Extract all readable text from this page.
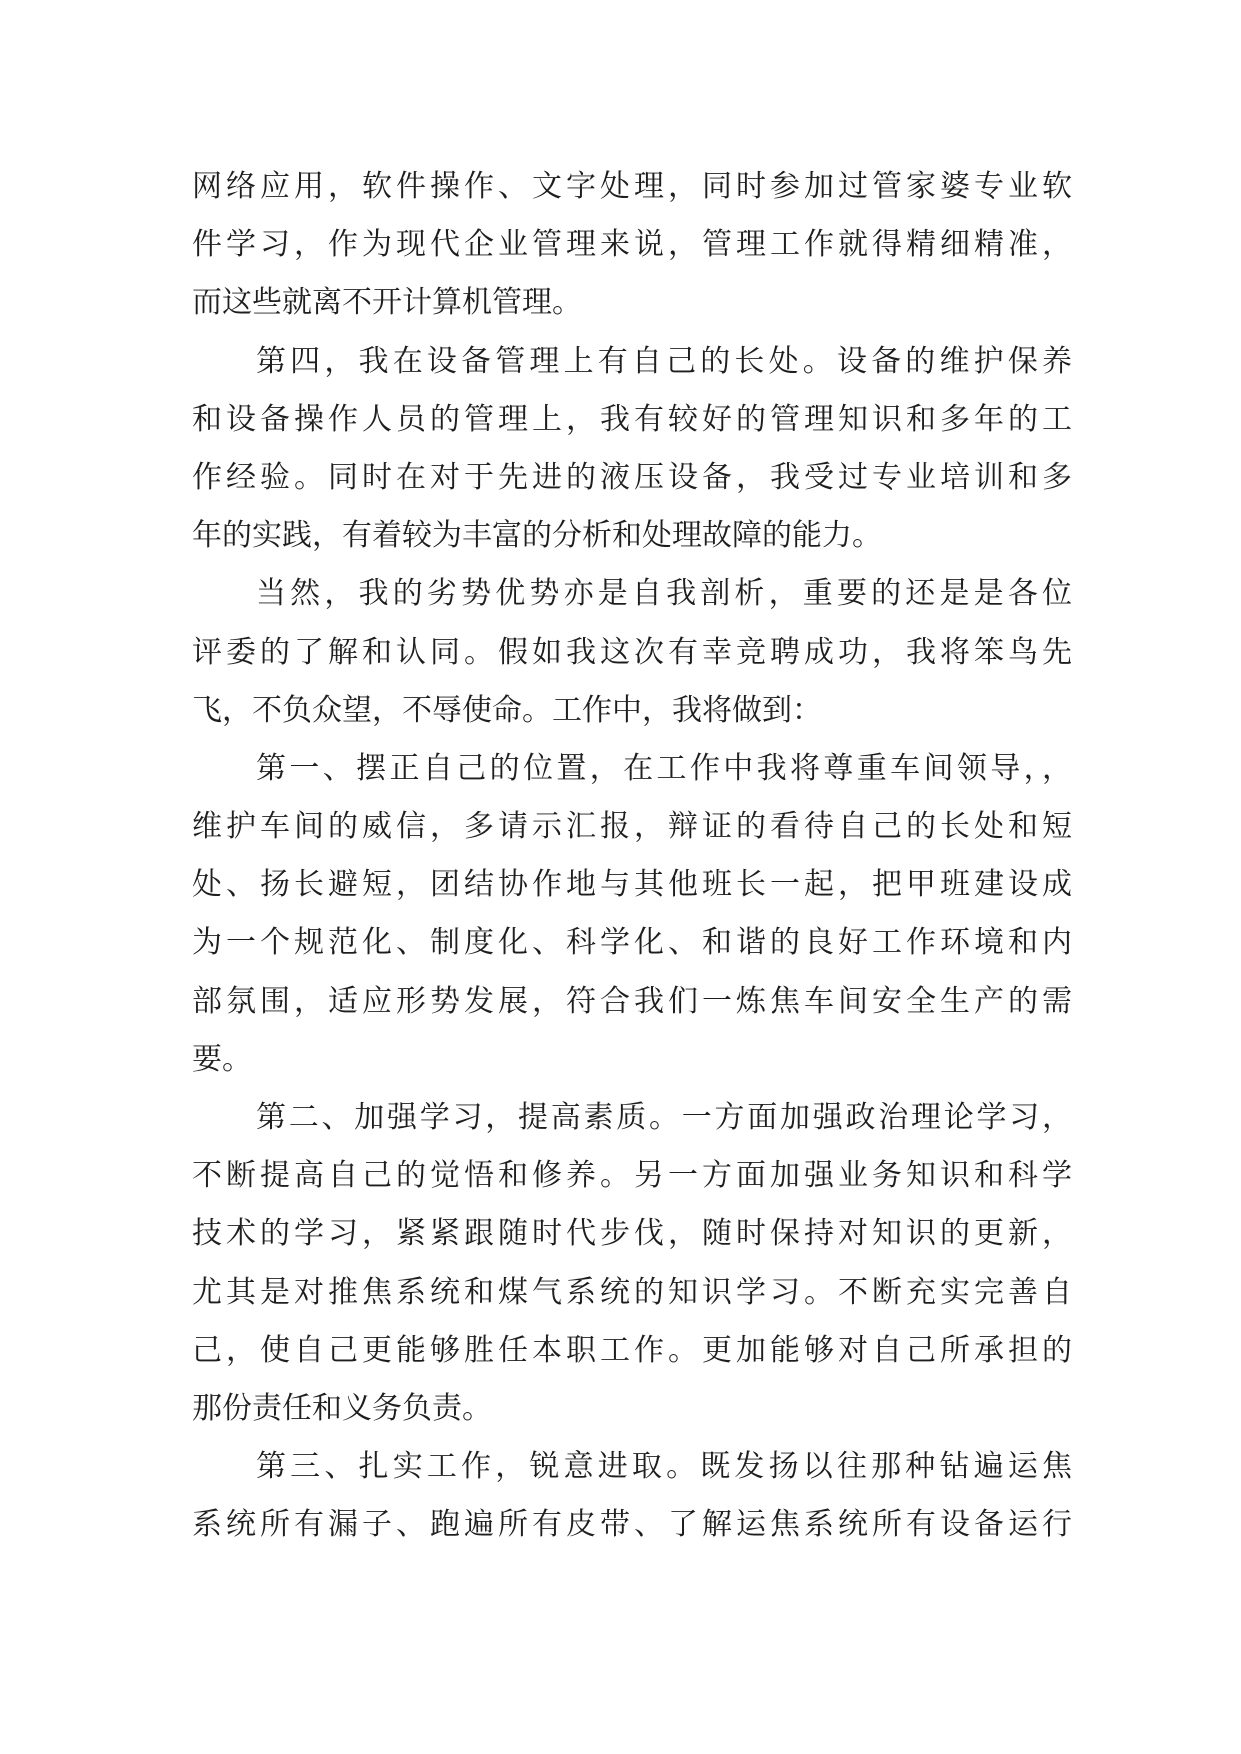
网络应用，软件操作、文字处理，同时参加过管家婆专业软
件学习，作为现代企业管理来说，管理工作就得精细精准，
而这些就离不开计算机管理。
第四，我在设备管理上有自己的长处。设备的维护保养
和设备操作人员的管理上，我有较好的管理知识和多年的工
作经验。同时在对于先进的液压设备，我受过专业培训和多
年的实践，有着较为丰富的分析和处理故障的能力。
当然，我的劣势优势亦是自我剖析，重要的还是是各位
评委的了解和认同。假如我这次有幸竞聘成功，我将笨鸟先
飞，不负众望，不辱使命。工作中，我将做到：
第一、摆正自己的位置，在工作中我将尊重车间领导，，
维护车间的威信，多请示汇报，辩证的看待自己的长处和短
处、扬长避短，团结协作地与其他班长一起，把甲班建设成
为一个规范化、制度化、科学化、和谐的良好工作环境和内
部氛围，适应形势发展，符合我们一炼焦车间安全生产的需
要。
第二、加强学习，提高素质。一方面加强政治理论学习，
不断提高自己的觉悟和修养。另一方面加强业务知识和科学
技术的学习，紧紧跟随时代步伐，随时保持对知识的更新，
尤其是对推焦系统和煤气系统的知识学习。不断充实完善自
己，使自己更能够胜任本职工作。更加能够对自己所承担的
那份责任和义务负责。
第三、扎实工作，锐意进取。既发扬以往那种钻遍运焦
系统所有漏子、跑遍所有皮带、了解运焦系统所有设备运行
